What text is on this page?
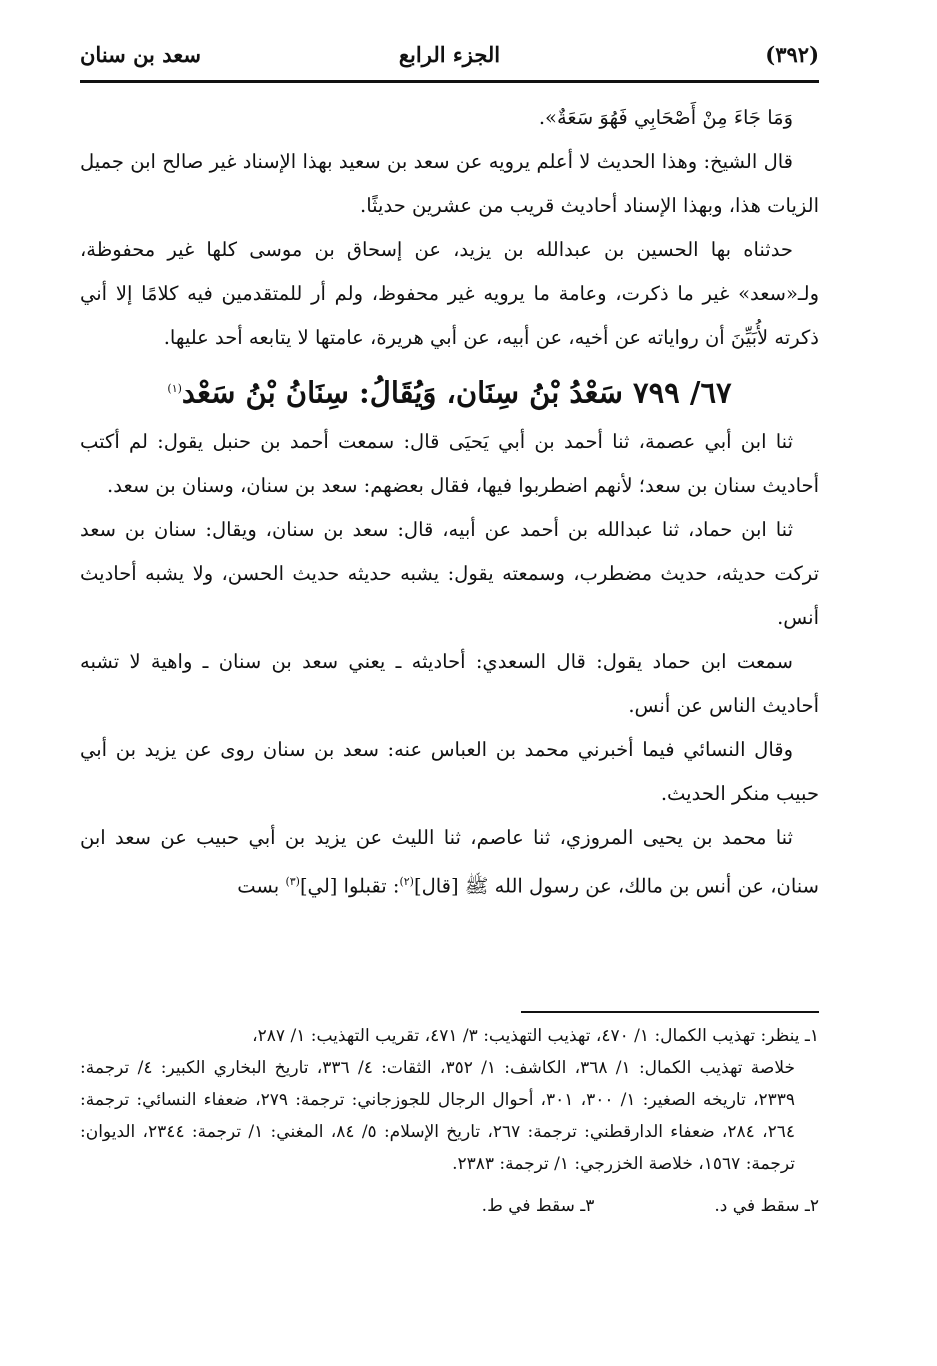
(٣٩٢)
الجزء الرابع
سعد بن سنان

وَمَا جَاءَ مِنْ أَصْحَابِي فَهُوَ سَعَةٌ».

قال الشيخ: وهذا الحديث لا أعلم يرويه عن سعد بن سعيد بهذا الإسناد غير صالح ابن جميل الزيات هذا، وبهذا الإسناد أحاديث قريب من عشرين حديثًا.

حدثناه بها الحسين بن عبدالله بن يزيد، عن إسحاق بن موسى كلها غير محفوظة، ولـ«سعد» غير ما ذكرت، وعامة ما يرويه غير محفوظ، ولم أر للمتقدمين فيه كلامًا إلا أني ذكرته لأُبَيِّنَ أن رواياته عن أخيه، عن أبيه، عن أبي هريرة، عامتها لا يتابعه أحد عليها.

٦٧/ ٧٩٩ سَعْدُ بْنُ سِنَان، وَيُقَالُ: سِنَانُ بْنُ سَعْد$^{(١)}$

ثنا ابن أبي عصمة، ثنا أحمد بن أبي يَحيَى قال: سمعت أحمد بن حنبل يقول: لم أكتب أحاديث سنان بن سعد؛ لأنهم اضطربوا فيها، فقال بعضهم: سعد بن سنان، وسنان بن سعد.

ثنا ابن حماد، ثنا عبدالله بن أحمد عن أبيه، قال: سعد بن سنان، ويقال: سنان بن سعد تركت حديثه، حديث مضطرب، وسمعته يقول: يشبه حديثه حديث الحسن، ولا يشبه أحاديث أنس.

سمعت ابن حماد يقول: قال السعدي: أحاديثه ـ يعني سعد بن سنان ـ واهية لا تشبه أحاديث الناس عن أنس.

وقال النسائي فيما أخبرني محمد بن العباس عنه: سعد بن سنان روى عن يزيد بن أبي حبيب منكر الحديث.

ثنا محمد بن يحيى المروزي، ثنا عاصم، ثنا الليث عن يزيد بن أبي حبيب عن سعد ابن سنان، عن أنس بن مالك، عن رسول الله ﷺ [قال]$^{(٢)}$: تقبلوا [لي]$^{(٣)}$ بست

١ـ ينظر: تهذيب الكمال: ١/ ٤٧٠، تهذيب التهذيب: ٣/ ٤٧١، تقريب التهذيب: ١/ ٢٨٧،

خلاصة تهذيب الكمال: ١/ ٣٦٨، الكاشف: ١/ ٣٥٢، الثقات: ٤/ ٣٣٦، تاريخ البخاري الكبير: ٤/ ترجمة: ٢٣٣٩، تاريخه الصغير: ١/ ٣٠٠، ٣٠١، أحوال الرجال للجوزجاني: ترجمة: ٢٧٩، ضعفاء النسائي: ترجمة: ٢٦٤، ٢٨٤، ضعفاء الدارقطني: ترجمة: ٢٦٧، تاريخ الإسلام: ٥/ ٨٤، المغني: ١/ ترجمة: ٢٣٤٤، الديوان: ترجمة: ١٥٦٧، خلاصة الخزرجي: ١/ ترجمة: ٢٣٨٣.

٢ـ سقط في د.
٣ـ سقط في ط.
